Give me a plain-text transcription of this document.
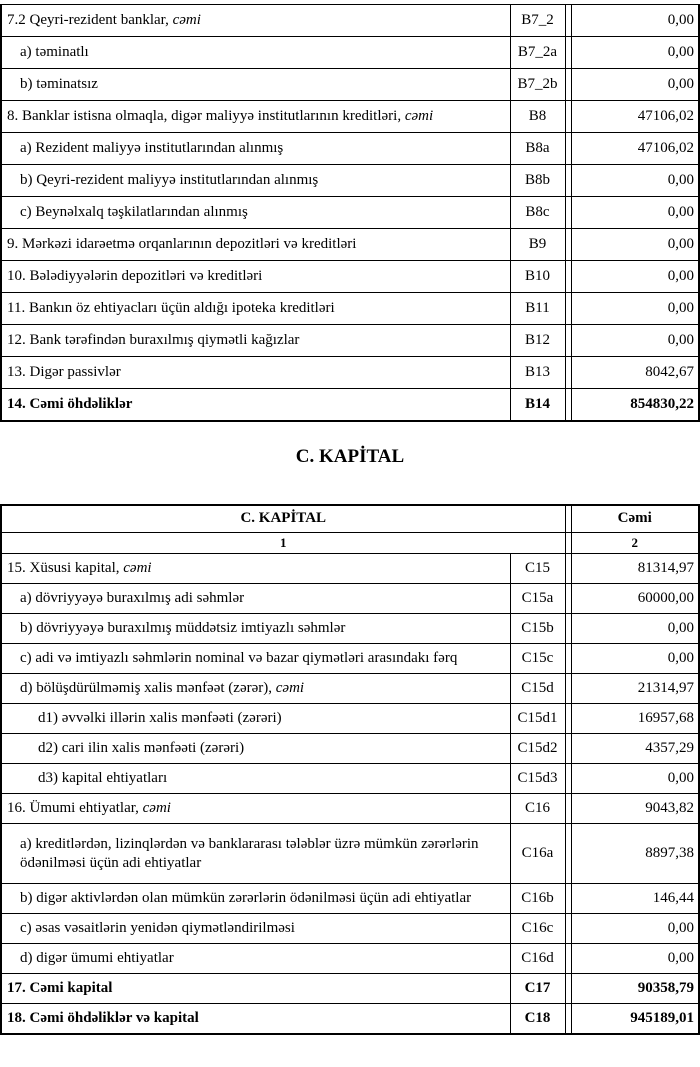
7.2 Qeyri-rezident banklar, cəmi	B7_2		0,00
a) təminatlı	B7_2a		0,00
b) təminatsız	B7_2b		0,00
8. Banklar istisna olmaqla, digər maliyyə institutlarının kreditləri, cəmi	B8		47106,02
a) Rezident maliyyə institutlarından alınmış	B8a		47106,02
b) Qeyri-rezident maliyyə institutlarından alınmış	B8b		0,00
c) Beynəlxalq təşkilatlarından alınmış	B8c		0,00
9. Mərkəzi idarəetmə orqanlarının depozitləri və kreditləri	B9		0,00
10. Bələdiyyələrin depozitləri və kreditləri	B10		0,00
11. Bankın öz ehtiyacları üçün aldığı ipoteka kreditləri	B11		0,00
12. Bank tərəfindən buraxılmış qiymətli kağızlar	B12		0,00
13. Digər passivlər	B13		8042,67
14. Cəmi öhdəliklər	B14		854830,22
C. KAPİTAL
C. KAPİTAL			Cəmi
1			2
15. Xüsusi kapital, cəmi	C15		81314,97
a) dövriyyəyə buraxılmış adi səhmlər	C15a		60000,00
b) dövriyyəyə buraxılmış müddətsiz imtiyazlı səhmlər	C15b		0,00
c) adi və imtiyazlı səhmlərin nominal və bazar qiymətləri arasındakı fərq	C15c		0,00
d) bölüşdürülməmiş xalis mənfəət (zərər), cəmi	C15d		21314,97
d1) əvvəlki illərin xalis mənfəəti (zərəri)	C15d1		16957,68
d2) cari ilin xalis mənfəəti (zərəri)	C15d2		4357,29
d3) kapital ehtiyatları	C15d3		0,00
16. Ümumi ehtiyatlar, cəmi	C16		9043,82
a) kreditlərdən, lizinqlərdən və banklararası tələblər üzrə mümkün zərərlərin ödənilməsi üçün adi ehtiyatlar	C16a		8897,38
b) digər aktivlərdən olan mümkün zərərlərin ödənilməsi üçün adi ehtiyatlar	C16b		146,44
c) əsas vəsaitlərin yenidən qiymətləndirilməsi	C16c		0,00
d) digər ümumi ehtiyatlar	C16d		0,00
17. Cəmi kapital	C17		90358,79
18. Cəmi öhdəliklər və kapital	C18		945189,01
